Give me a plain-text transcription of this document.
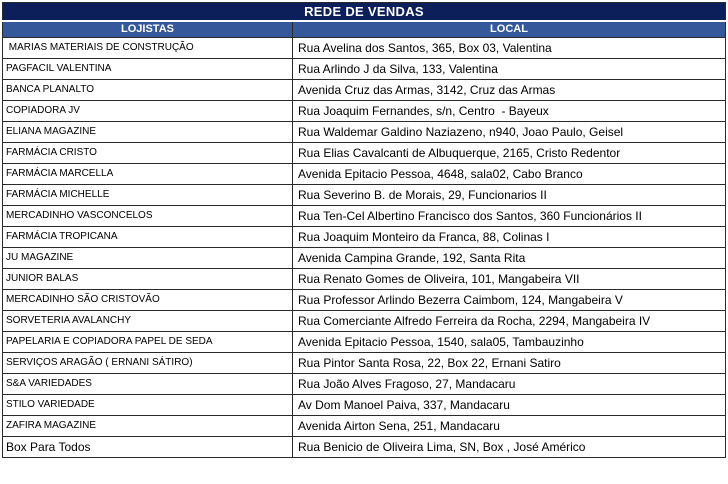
REDE DE VENDAS	
LOJISTAS	LOCAL
MARIAS MATERIAIS DE CONSTRUÇÃO	Rua Avelina dos Santos, 365, Box 03, Valentina
PAGFACIL VALENTINA	Rua Arlindo J da Silva, 133, Valentina
BANCA PLANALTO	Avenida Cruz das Armas, 3142, Cruz das Armas
COPIADORA JV	Rua Joaquim Fernandes, s/n, Centro  - Bayeux
ELIANA MAGAZINE	Rua Waldemar Galdino Naziazeno, n940, Joao Paulo, Geisel
FARMÁCIA CRISTO	Rua Elias Cavalcanti de Albuquerque, 2165, Cristo Redentor
FARMÁCIA MARCELLA	Avenida Epitacio Pessoa, 4648, sala02, Cabo Branco
FARMÁCIA MICHELLE	Rua Severino B. de Morais, 29, Funcionarios II
MERCADINHO VASCONCELOS	Rua Ten-Cel Albertino Francisco dos Santos, 360 Funcionários II
FARMÁCIA TROPICANA	Rua Joaquim Monteiro da Franca, 88, Colinas I
JU MAGAZINE	Avenida Campina Grande, 192, Santa Rita
JUNIOR BALAS	Rua Renato Gomes de Oliveira, 101, Mangabeira VII
MERCADINHO SÃO CRISTOVÃO	Rua Professor Arlindo Bezerra Caimbom, 124, Mangabeira V
SORVETERIA AVALANCHY	Rua Comerciante Alfredo Ferreira da Rocha, 2294, Mangabeira IV
PAPELARIA E COPIADORA PAPEL DE SEDA	Avenida Epitacio Pessoa, 1540, sala05, Tambauzinho
SERVIÇOS ARAGÃO ( ERNANI SÁTIRO)	Rua Pintor Santa Rosa, 22, Box 22, Ernani Satiro
S&A VARIEDADES	Rua João Alves Fragoso, 27, Mandacaru
STILO VARIEDADE	Av Dom Manoel Paiva, 337, Mandacaru
ZAFIRA MAGAZINE	Avenida Airton Sena, 251, Mandacaru
Box Para Todos	Rua Benicio de Oliveira Lima, SN, Box , José Américo
